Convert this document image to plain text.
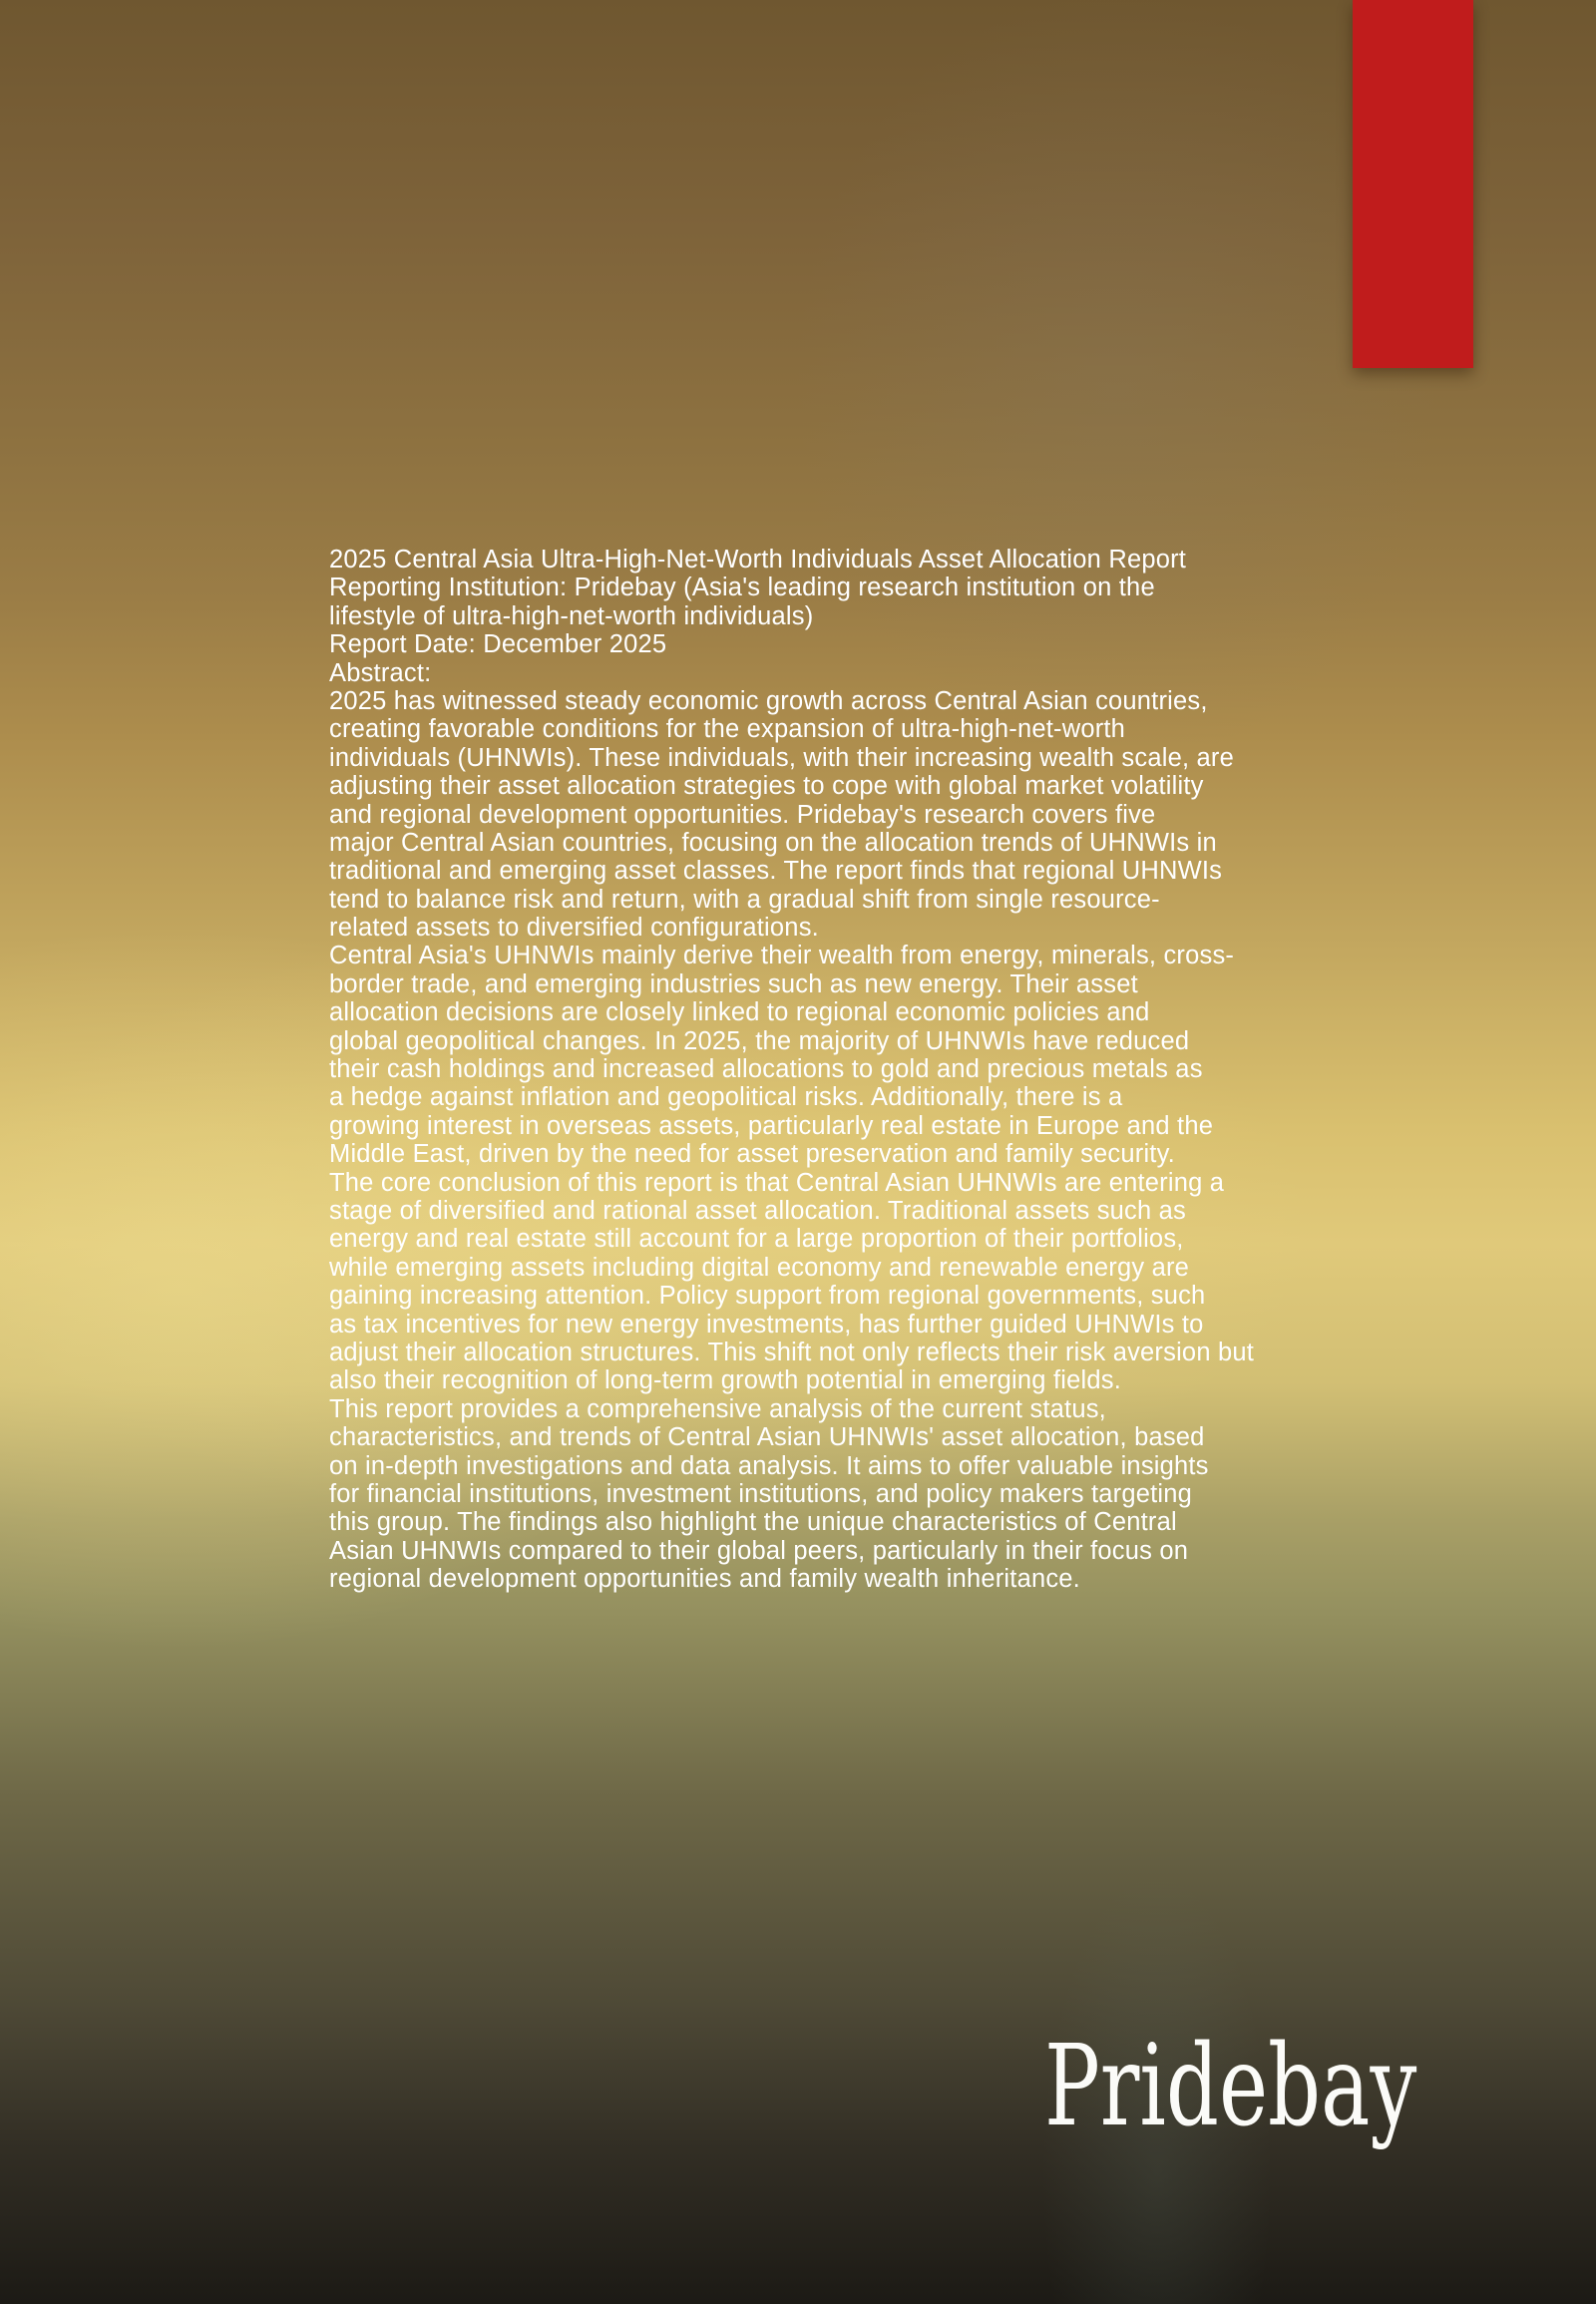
2025 Central Asia Ultra-High-Net-Worth Individuals Asset Allocation Report
Reporting Institution: Pridebay (Asia's leading research institution on the
lifestyle of ultra-high-net-worth individuals)
Report Date: December 2025
Abstract:
2025 has witnessed steady economic growth across Central Asian countries,
creating favorable conditions for the expansion of ultra-high-net-worth
individuals (UHNWIs). These individuals, with their increasing wealth scale, are
adjusting their asset allocation strategies to cope with global market volatility
and regional development opportunities. Pridebay's research covers five
major Central Asian countries, focusing on the allocation trends of UHNWIs in
traditional and emerging asset classes. The report finds that regional UHNWIs
tend to balance risk and return, with a gradual shift from single resource-
related assets to diversified configurations.
Central Asia's UHNWIs mainly derive their wealth from energy, minerals, cross-
border trade, and emerging industries such as new energy. Their asset
allocation decisions are closely linked to regional economic policies and
global geopolitical changes. In 2025, the majority of UHNWIs have reduced
their cash holdings and increased allocations to gold and precious metals as
a hedge against inflation and geopolitical risks. Additionally, there is a
growing interest in overseas assets, particularly real estate in Europe and the
Middle East, driven by the need for asset preservation and family security.
The core conclusion of this report is that Central Asian UHNWIs are entering a
stage of diversified and rational asset allocation. Traditional assets such as
energy and real estate still account for a large proportion of their portfolios,
while emerging assets including digital economy and renewable energy are
gaining increasing attention. Policy support from regional governments, such
as tax incentives for new energy investments, has further guided UHNWIs to
adjust their allocation structures. This shift not only reflects their risk aversion but
also their recognition of long-term growth potential in emerging fields.
This report provides a comprehensive analysis of the current status,
characteristics, and trends of Central Asian UHNWIs' asset allocation, based
on in-depth investigations and data analysis. It aims to offer valuable insights
for financial institutions, investment institutions, and policy makers targeting
this group. The findings also highlight the unique characteristics of Central
Asian UHNWIs compared to their global peers, particularly in their focus on
regional development opportunities and family wealth inheritance.
Pridebay
